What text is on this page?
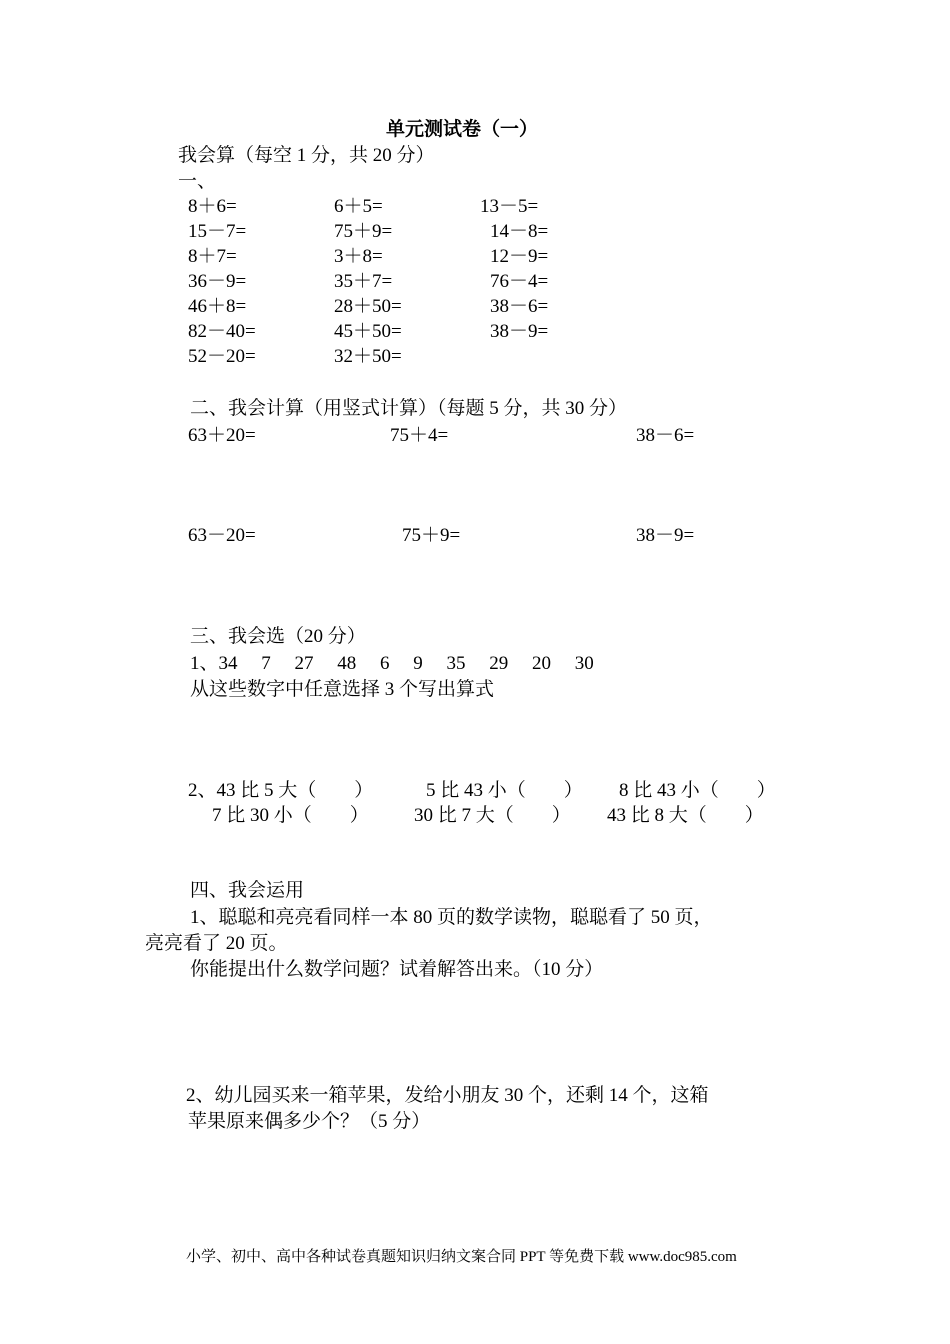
单元测试卷（一）
我会算（每空 1 分，共 20 分）
一、
8＋6=	6＋5=	13－5=
15－7=	75＋9=	14－8=
8＋7=	3＋8=	12－9=
36－9=	35＋7=	76－4=
46＋8=	28＋50=	38－6=
82－40=	45＋50=	38－9=
52－20=	32＋50=
二、我会计算（用竖式计算）（每题 5 分，共 30 分）
63＋20=	75＋4=	38－6=
63－20=	75＋9=	38－9=
三、我会选（20 分）
1、34　 7　 27　 48　 6　 9　 35　 29　 20　 30
从这些数字中任意选择 3 个写出算式
2、43 比 5 大（　　）	5 比 43 小（　　） 8 比 43 小（　　）
7 比 30 小（　　） 30 比 7 大（　　） 43 比 8 大（　　）
四、我会运用
1、聪聪和亮亮看同样一本 80 页的数学读物，聪聪看了 50 页，
亮亮看了 20 页。
你能提出什么数学问题？试着解答出来。（10 分）
2、幼儿园买来一箱苹果，发给小朋友 30 个，还剩 14 个，这箱
苹果原来偶多少个？（5 分）
小学、初中、高中各种试卷真题知识归纳文案合同 PPT 等免费下载 www.doc985.com
